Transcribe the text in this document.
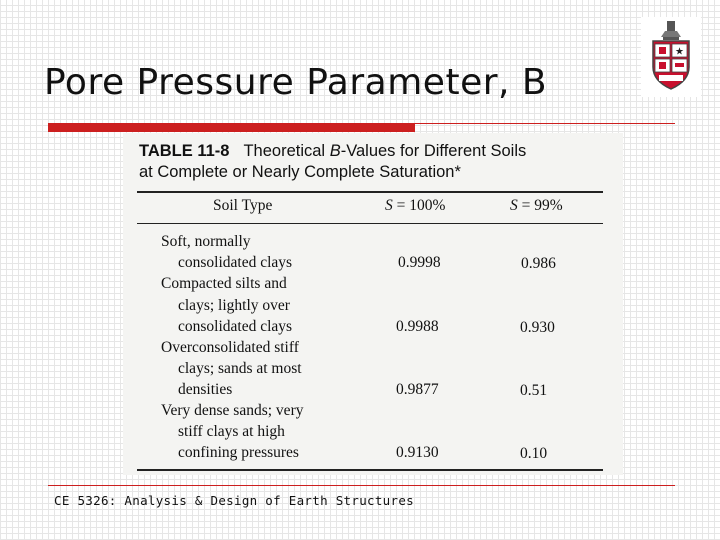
Pore Pressure Parameter, B
★
TABLE 11-8 Theoretical B-Values for Different Soils
at Complete or Nearly Complete Saturation*
Soil Type	S = 100%	S = 99%
Soft, normally
consolidated clays	0.9998	0.986
Compacted silts and
clays; lightly over
consolidated clays	0.9988	0.930
Overconsolidated stiff
clays; sands at most
densities	0.9877	0.51
Very dense sands; very
stiff clays at high
confining pressures	0.9130	0.10
CE 5326: Analysis & Design of Earth Structures
